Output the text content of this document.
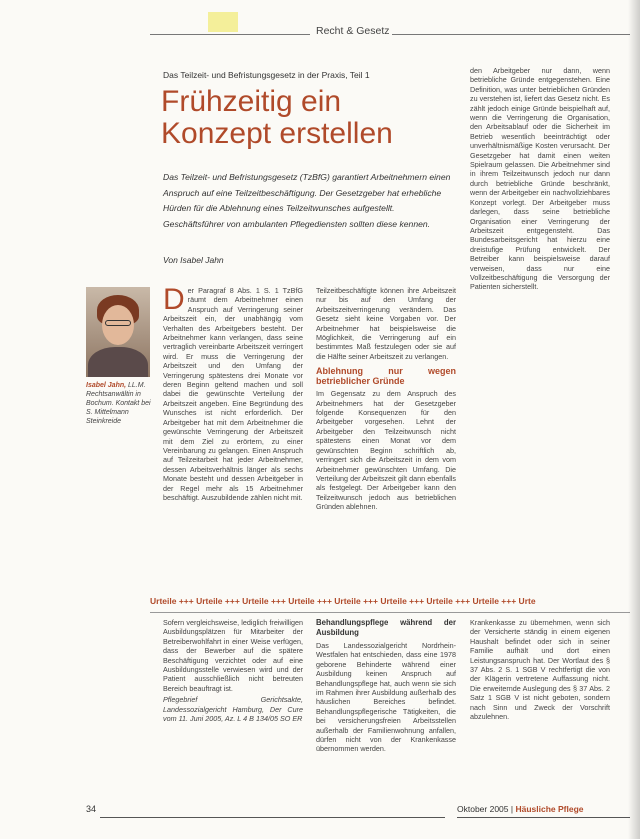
Recht & Gesetz
Das Teilzeit- und Befristungsgesetz in der Praxis, Teil 1
Frühzeitig ein
Konzept erstellen
Das Teilzeit- und Befristungsgesetz (TzBfG) garantiert Arbeitnehmern einen Anspruch auf eine Teilzeitbeschäftigung. Der Gesetzgeber hat erhebliche Hürden für die Ablehnung eines Teilzeitwunsches aufgestellt. Geschäftsführer von ambulanten Pflegediensten sollten diese kennen.
Von Isabel Jahn
Isabel Jahn, LL.M. Rechtsanwältin in Bochum. Kontakt bei S. Mittelmann Steinkreide
D er Paragraf 8 Abs. 1 S. 1 TzBfG räumt dem Arbeitnehmer einen Anspruch auf Verringerung seiner Arbeitszeit ein, der unabhängig vom Verhalten des Arbeitgebers besteht. Der Arbeitnehmer kann verlangen, dass seine vertraglich vereinbarte Arbeitszeit verringert wird. Er muss die Verringerung der Arbeitszeit und den Umfang der Verringerung spätestens drei Monate vor deren Beginn geltend machen und soll dabei die gewünschte Verteilung der Arbeitszeit angeben. Eine Begründung des Wunsches ist nicht erforderlich. Der Arbeitgeber hat mit dem Arbeitnehmer die gewünschte Verringerung der Arbeitszeit mit dem Ziel zu erörtern, zu einer Vereinbarung zu gelangen. Einen Anspruch auf Teilzeitarbeit hat jeder Arbeitnehmer, dessen Arbeitsverhältnis länger als sechs Monate besteht und dessen Arbeitgeber in der Regel mehr als 15 Arbeitnehmer beschäftigt. Auszubildende zählen nicht mit.

Teilzeitbeschäftigte können ihre Arbeitszeit nur bis auf den Umfang der Arbeitszeitverringerung verändern. Das Gesetz sieht keine Vorgaben vor. Der Arbeitnehmer hat beispielsweise die Möglichkeit, die Verringerung auf ein bestimmtes Maß festzulegen oder sie auf die Hälfte seiner Arbeitszeit zu verlangen.

Ablehnung nur wegen betrieblicher Gründe

Im Gegensatz zu dem Anspruch des Arbeitnehmers hat der Gesetzgeber folgende Konsequenzen für den Arbeitgeber vorgesehen. Lehnt der Arbeitgeber den Teilzeitwunsch nicht spätestens einen Monat vor dem gewünschten Beginn schriftlich ab, verringert sich die Arbeitszeit in dem vom Arbeitnehmer gewünschten Umfang. Die Verteilung der Arbeitszeit gilt dann ebenfalls als festgelegt. Der Arbeitgeber kann den Teilzeitwunsch jedoch aus betrieblichen Gründen ablehnen.

den Arbeitgeber nur dann, wenn betriebliche Gründe entgegenstehen. Eine Definition, was unter betrieblichen Gründen zu verstehen ist, liefert das Gesetz nicht. Es zählt jedoch einige Gründe beispielhaft auf, wenn die Verringerung die Organisation, den Arbeitsablauf oder die Sicherheit im Betrieb wesentlich beeinträchtigt oder unverhältnismäßige Kosten verursacht. Der Gesetzgeber hat damit einen weiten Spielraum gelassen. Die Arbeitnehmer sind in ihrem Teilzeitwunsch jedoch nur dann durch betriebliche Gründe beschränkt, wenn der Arbeitgeber ein nachvollziehbares Konzept vorlegt. Der Arbeitgeber muss darlegen, dass seine betriebliche Organisation einer Verringerung der Arbeitszeit entgegensteht. Das Bundesarbeitsgericht hat hierzu eine dreistufige Prüfung entwickelt. Der Betreiber kann beispielsweise darauf verweisen, dass nur eine Vollzeitbeschäftigung die Versorgung der Patienten sicherstellt.

Urteile +++ Urteile +++ Urteile +++ Urteile +++ Urteile +++ Urteile +++ Urteile +++ Urteile +++ Urte

Sofern vergleichsweise, lediglich freiwilligen Ausbildungsplätzen für Mitarbeiter der Betreiberwohlfahrt in einer Weise verfügen, dass der Bewerber auf die spätere Beschäftigung verzichtet oder auf eine Ausbildungsstelle verwiesen wird und der Patient ausschließlich nicht betreuten Bereich beauftragt ist.

Pflegebrief Gerichtsakte, Landessozialgericht Hamburg, Der Cure vom 11. Juni 2005, Az. L 4 B 134/05 SO ER

Behandlungspflege während der Ausbildung

Das Landessozialgericht Nordrhein-Westfalen hat entschieden, dass eine 1978 geborene Behinderte während einer Ausbildung keinen Anspruch auf Behandlungspflege hat, auch wenn sie sich im Rahmen ihrer Ausbildung außerhalb des häuslichen Bereiches befindet. Behandlungspflegerische Tätigkeiten, die bei versicherungsfreien Arbeitsstellen außerhalb der Familienwohnung anfallen, dürfen nicht von der Krankenkasse übernommen werden.

Krankenkasse zu übernehmen, wenn sich der Versicherte ständig in einem eigenen Haushalt befindet oder sich in seiner Familie aufhält und dort einen Leistungsanspruch hat. Der Wortlaut des § 37 Abs. 2 S. 1 SGB V rechtfertigt die von der Klägerin vertretene Auffassung nicht. Die erweiternde Auslegung des § 37 Abs. 2 Satz 1 SGB V ist nicht geboten, sondern nach Sinn und Zweck der Vorschrift abzulehnen.

34	Oktober 2005 | Häusliche Pflege
